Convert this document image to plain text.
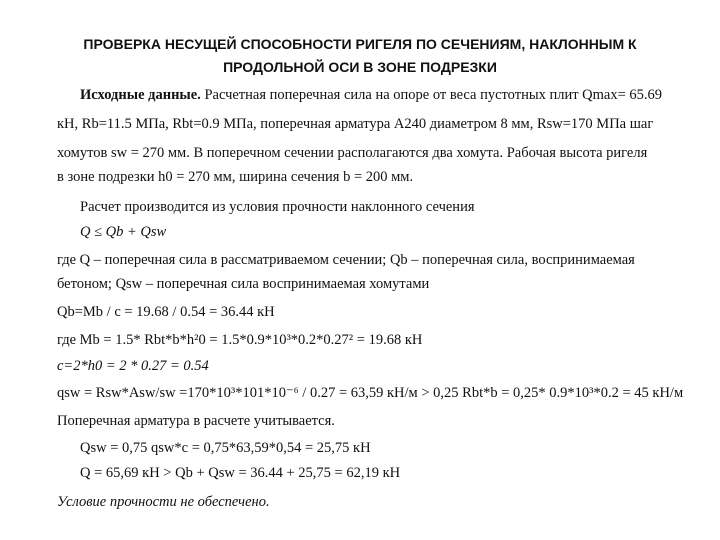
ПРОВЕРКА НЕСУЩЕЙ СПОСОБНОСТИ РИГЕЛЯ ПО СЕЧЕНИЯМ, НАКЛОННЫМ К
ПРОДОЛЬНОЙ ОСИ В ЗОНЕ ПОДРЕЗКИ
Исходные данные. Расчетная поперечная сила на опоре от веса пустотных плит Qmax= 65.69
кН, Rb=11.5 МПа, Rbt=0.9 МПа, поперечная арматура А240 диаметром 8 мм, Rsw=170 МПа шаг
хомутов sw = 270 мм. В поперечном сечении располагаются два хомута. Рабочая высота ригеля
в зоне подрезки h0 = 270 мм, ширина сечения b = 200 мм.
Расчет производится из условия прочности наклонного сечения
Q ≤ Qb + Qsw
где Q – поперечная сила в рассматриваемом сечении; Qb – поперечная сила, воспринимаемая
бетоном; Qsw – поперечная сила воспринимаемая хомутами
Qb=Mb / c = 19.68 / 0.54 = 36.44 кН
где Mb = 1.5* Rbt*b*h²0 = 1.5*0.9*10³*0.2*0.27² = 19.68 кН
c=2*h0 = 2 * 0.27 = 0.54
qsw = Rsw*Asw/sw =170*10³*101*10⁻⁶ / 0.27 = 63,59 кН/м > 0,25 Rbt*b = 0,25* 0.9*10³*0.2 = 45 кН/м
Поперечная арматура в расчете учитывается.
Qsw = 0,75 qsw*c = 0,75*63,59*0,54 = 25,75 кН
Q = 65,69 кН > Qb + Qsw = 36.44 + 25,75 = 62,19 кН
Условие прочности не обеспечено.
